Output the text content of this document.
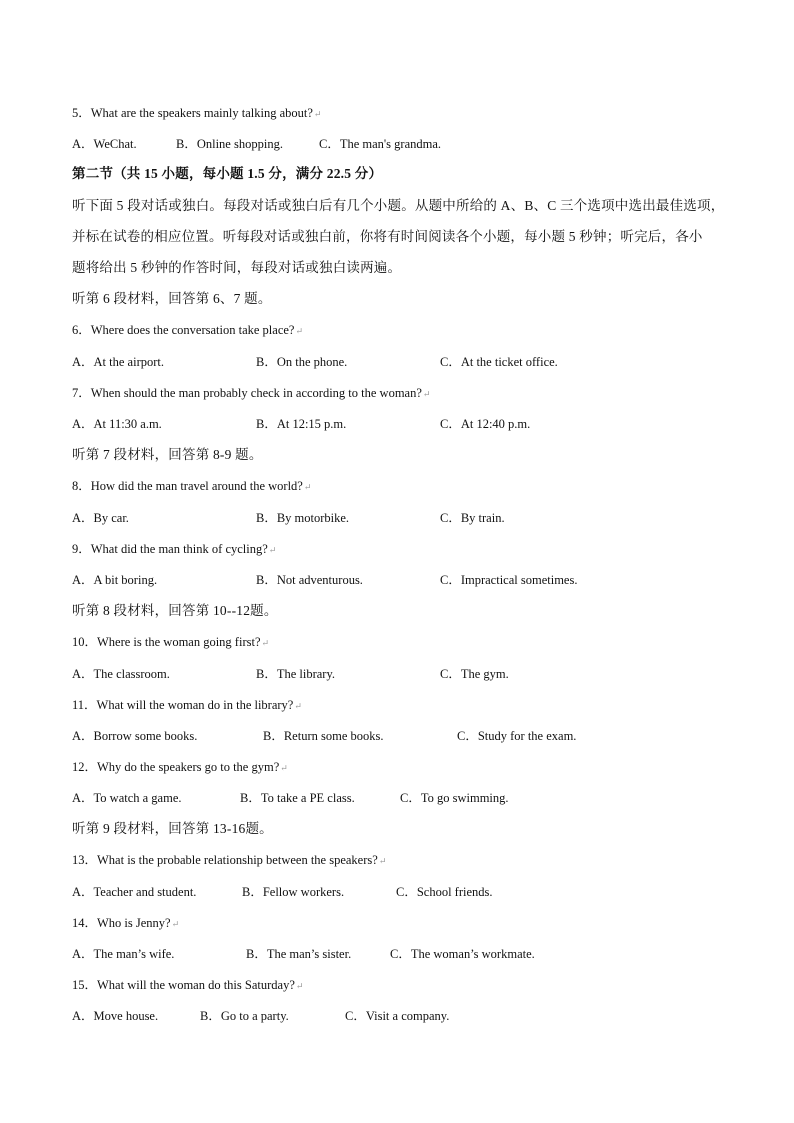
5．What are the speakers mainly talking about?↵
A．WeChat.	B．Online shopping.	C．The man's grandma.
第二节（共 15 小题，每小题 1.5 分，满分 22.5 分）
听下面 5 段对话或独白。每段对话或独白后有几个小题。从题中所给的 A、B、C 三个选项中选出最佳选项，
并标在试卷的相应位置。听每段对话或独白前，你将有时间阅读各个小题，每小题 5 秒钟；听完后，各小
题将给出 5 秒钟的作答时间，每段对话或独白读两遍。
听第 6 段材料，回答第 6、7 题。
6．Where does the conversation take place?↵
A．At the airport.	B．On the phone.	C．At the ticket office.
7．When should the man probably check in according to the woman?↵
A．At 11:30 a.m.	B．At 12:15 p.m.	C．At 12:40 p.m.
听第 7 段材料，回答第 8-9 题。
8．How did the man travel around the world?↵
A．By car.	B．By motorbike.	C．By train.
9．What did the man think of cycling?↵
A．A bit boring.	B．Not adventurous.	C．Impractical sometimes.
听第 8 段材料，回答第 10--12题。
10．Where is the woman going first?↵
A．The classroom.	B．The library.	C．The gym.
11．What will the woman do in the library?↵
A．Borrow some books.	B．Return some books.	C．Study for the exam.
12．Why do the speakers go to the gym?↵
A．To watch a game.	B．To take a PE class.	C．To go swimming.
听第 9 段材料，回答第 13-16题。
13．What is the probable relationship between the speakers?↵
A．Teacher and student.	B．Fellow workers.	C．School friends.
14．Who is Jenny?↵
A．The man’s wife.	B．The man’s sister.	C．The woman’s workmate.
15．What will the woman do this Saturday?↵
A．Move house.	B．Go to a party.	C．Visit a company.
